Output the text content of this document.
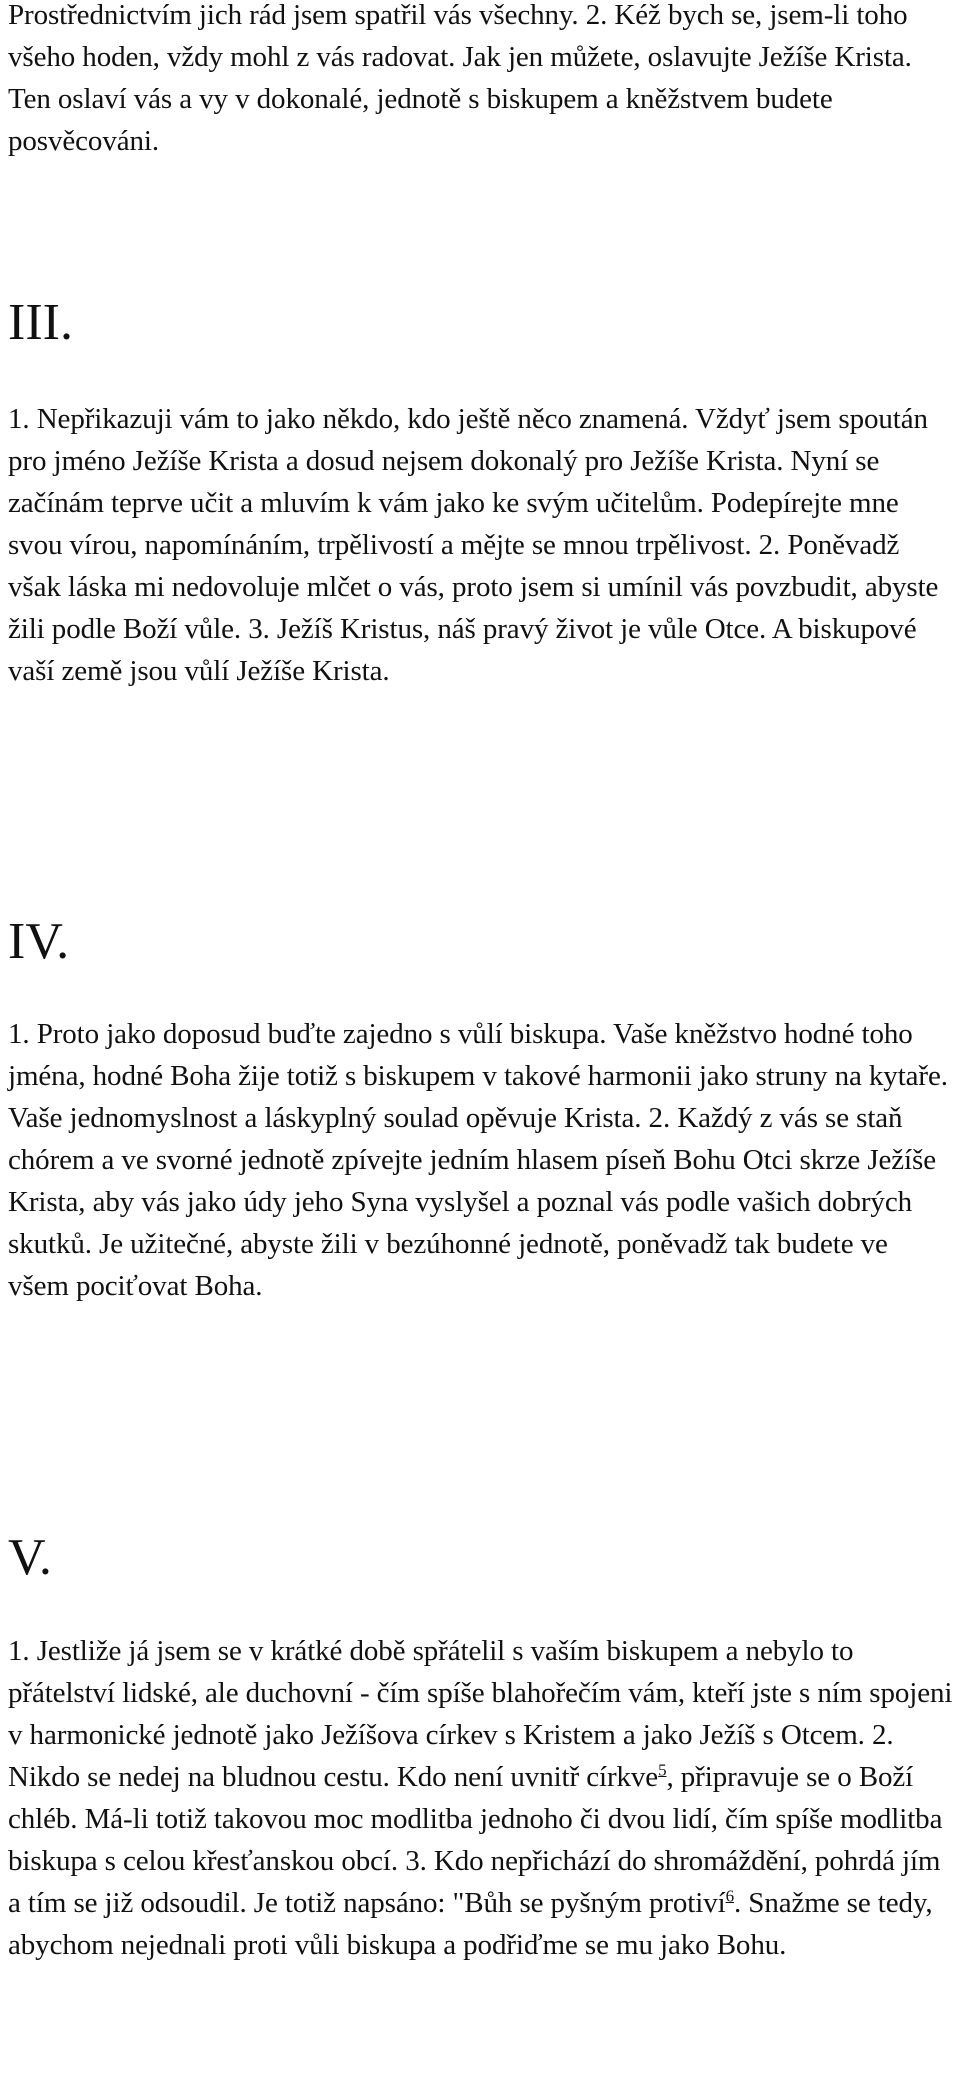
Prostřednictvím jich rád jsem spatřil vás všechny. 2. Kéž bych se, jsem-li toho všeho hoden, vždy mohl z vás radovat. Jak jen můžete, oslavujte Ježíše Krista. Ten oslaví vás a vy v dokonalé, jednotě s biskupem a kněžstvem budete posvěcováni.

III.

1. Nepřikazuji vám to jako někdo, kdo ještě něco znamená. Vždyť jsem spoután pro jméno Ježíše Krista a dosud nejsem dokonalý pro Ježíše Krista. Nyní se začínám teprve učit a mluvím k vám jako ke svým učitelům. Podepírejte mne svou vírou, napomínáním, trpělivostí a mějte se mnou trpělivost. 2. Poněvadž však láska mi nedovoluje mlčet o vás, proto jsem si umínil vás povzbudit, abyste žili podle Boží vůle. 3. Ježíš Kristus, náš pravý život je vůle Otce. A biskupové vaší země jsou vůlí Ježíše Krista.

IV.

1. Proto jako doposud buďte zajedno s vůlí biskupa. Vaše kněžstvo hodné toho jména, hodné Boha žije totiž s biskupem v takové harmonii jako struny na kytaře. Vaše jednomyslnost a láskyplný soulad opěvuje Krista. 2. Každý z vás se staň chórem a ve svorné jednotě zpívejte jedním hlasem píseň Bohu Otci skrze Ježíše Krista, aby vás jako údy jeho Syna vyslyšel a poznal vás podle vašich dobrých skutků. Je užitečné, abyste žili v bezúhonné jednotě, poněvadž tak budete ve všem pociťovat Boha.

V.

1. Jestliže já jsem se v krátké době spřátelil s vaším biskupem a nebylo to přátelství lidské, ale duchovní - čím spíše blahořečím vám, kteří jste s ním spojeni v harmonické jednotě jako Ježíšova církev s Kristem a jako Ježíš s Otcem. 2. Nikdo se nedej na bludnou cestu. Kdo není uvnitř církve$^5$, připravuje se o Boží chléb. Má-li totiž takovou moc modlitba jednoho či dvou lidí, čím spíše modlitba biskupa s celou křesťanskou obcí. 3. Kdo nepřichází do shromáždění, pohrdá jím a tím se již odsoudil. Je totiž napsáno: "Bůh se pyšným protiví$^6$. Snažme se tedy, abychom nejednali proti vůli biskupa a podřiďme se mu jako Bohu.
